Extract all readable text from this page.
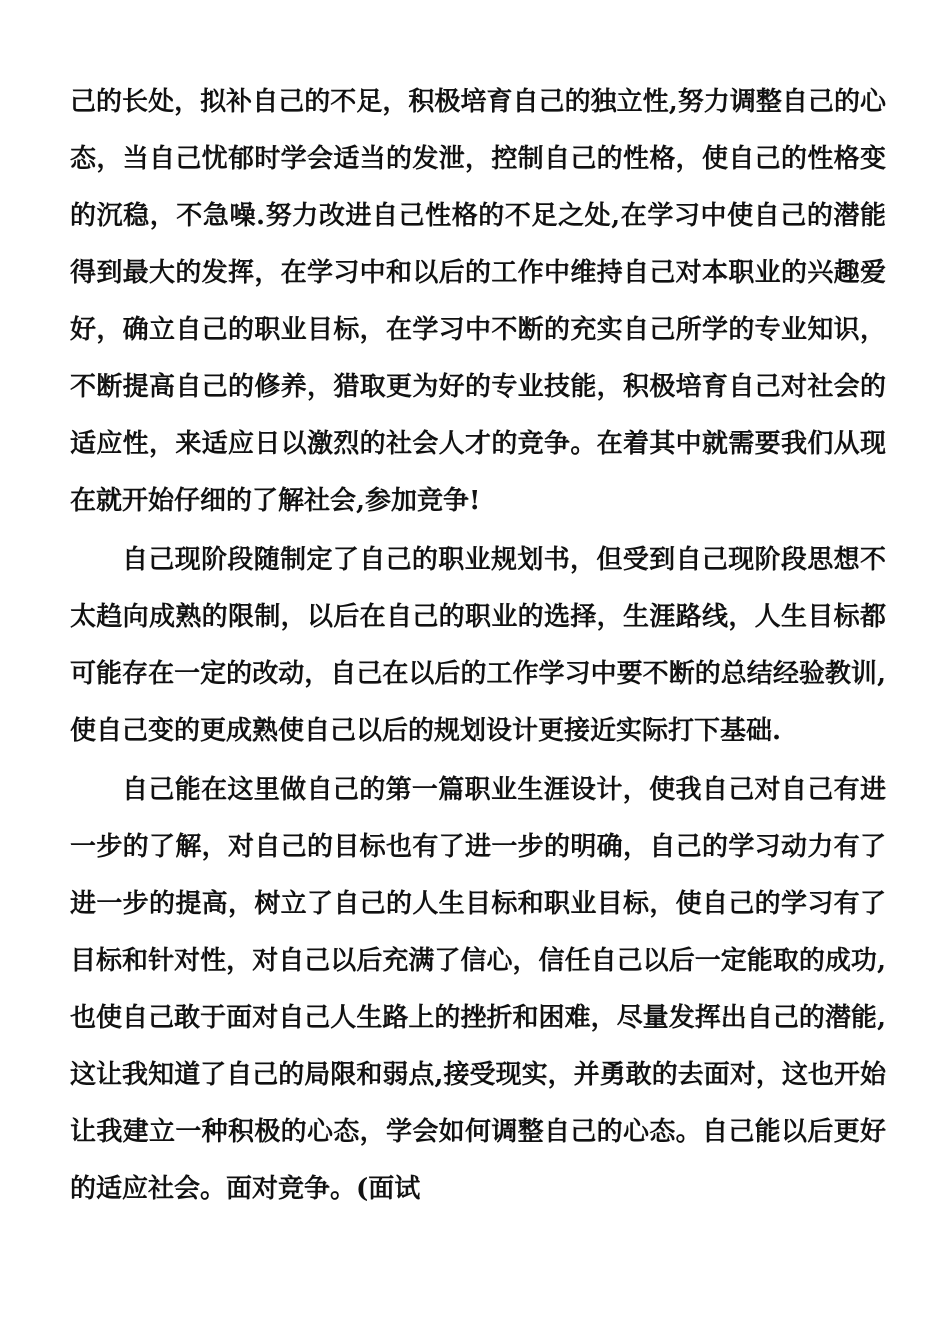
己的长处，拟补自己的不足，积极培育自己的独立性,努力调整自己的心
态，当自己忧郁时学会适当的发泄，控制自己的性格，使自己的性格变
的沉稳，不急噪.努力改进自己性格的不足之处,在学习中使自己的潜能
得到最大的发挥，在学习中和以后的工作中维持自己对本职业的兴趣爱
好，确立自己的职业目标，在学习中不断的充实自己所学的专业知识，
不断提高自己的修养，猎取更为好的专业技能，积极培育自己对社会的
适应性，来适应日以激烈的社会人才的竞争。在着其中就需要我们从现
在就开始仔细的了解社会,参加竞争!
自己现阶段随制定了自己的职业规划书，但受到自己现阶段思想不
太趋向成熟的限制，以后在自己的职业的选择，生涯路线，人生目标都
可能存在一定的改动，自己在以后的工作学习中要不断的总结经验教训,
使自己变的更成熟使自己以后的规划设计更接近实际打下基础.
自己能在这里做自己的第一篇职业生涯设计，使我自己对自己有进
一步的了解，对自己的目标也有了进一步的明确，自己的学习动力有了
进一步的提高，树立了自己的人生目标和职业目标，使自己的学习有了
目标和针对性，对自己以后充满了信心，信任自己以后一定能取的成功,
也使自己敢于面对自己人生路上的挫折和困难，尽量发挥出自己的潜能,
这让我知道了自己的局限和弱点,接受现实，并勇敢的去面对，这也开始
让我建立一种积极的心态，学会如何调整自己的心态。自己能以后更好
的适应社会。面对竞争。(面试
